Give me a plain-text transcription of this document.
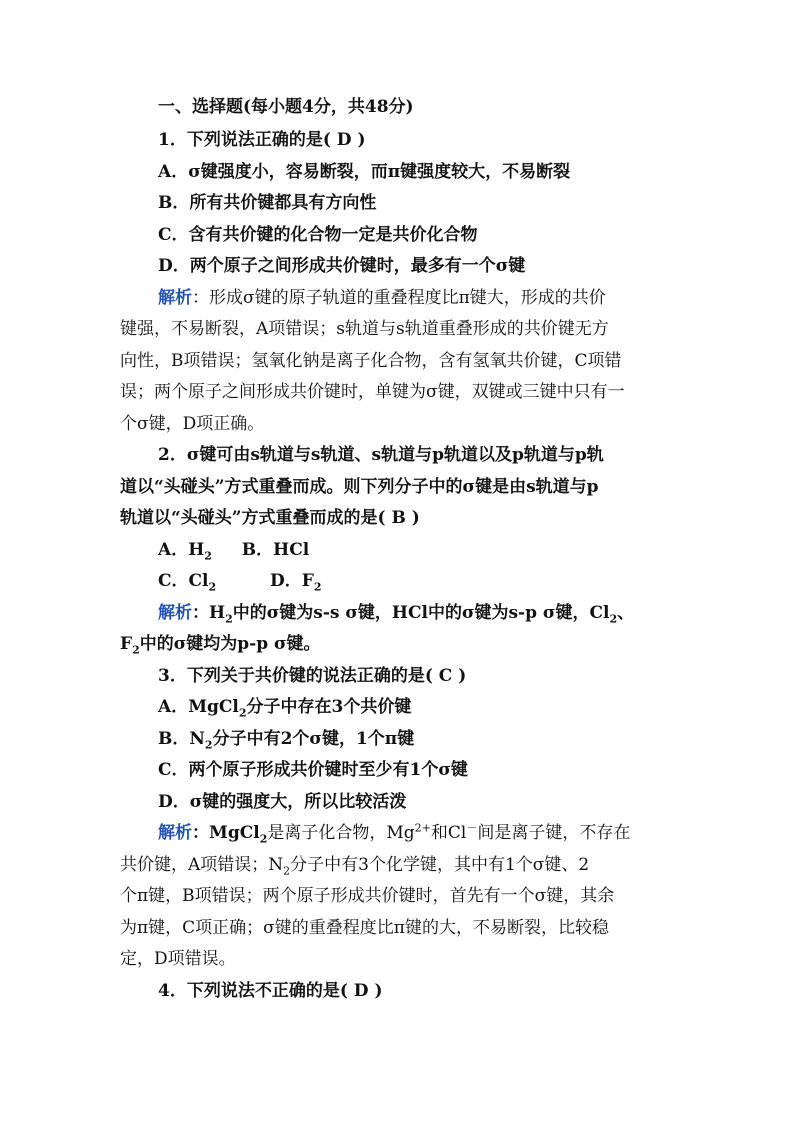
一、选择题(每小题4分，共48分)
1．下列说法正确的是( D )
A．σ键强度小，容易断裂，而π键强度较大，不易断裂
B．所有共价键都具有方向性
C．含有共价键的化合物一定是共价化合物
D．两个原子之间形成共价键时，最多有一个σ键
解析：形成σ键的原子轨道的重叠程度比π键大，形成的共价
键强，不易断裂，A项错误；s轨道与s轨道重叠形成的共价键无方
向性，B项错误；氢氧化钠是离子化合物，含有氢氧共价键，C项错
误；两个原子之间形成共价键时，单键为σ键，双键或三键中只有一
个σ键，D项正确。
2．σ键可由s轨道与s轨道、s轨道与p轨道以及p轨道与p轨
道以“头碰头”方式重叠而成。则下列分子中的σ键是由s轨道与p
轨道以“头碰头”方式重叠而成的是( B )
A．$H_2$ B．HCl
C．$Cl_2$	D．$F_2$
解析：$H_2$中的σ键为s-s σ键，HCl中的σ键为s-p σ键，$Cl_2$、
$F_2$中的σ键均为p-p σ键。
3．下列关于共价键的说法正确的是( C )
A．MgCl$_2$分子中存在3个共价键
B．$N_2$分子中有2个σ键，1个π键
C．两个原子形成共价键时至少有1个σ键
D．σ键的强度大，所以比较活泼
解析：MgCl$_2$是离子化合物，$Mg^{2+}$和Cl－间是离子键，不存在
共价键，A项错误；$N_2$分子中有3个化学键，其中有1个σ键、2
个π键，B项错误；两个原子形成共价键时，首先有一个σ键，其余
为π键，C项正确；σ键的重叠程度比π键的大，不易断裂，比较稳
定，D项错误。
4．下列说法不正确的是( D )
